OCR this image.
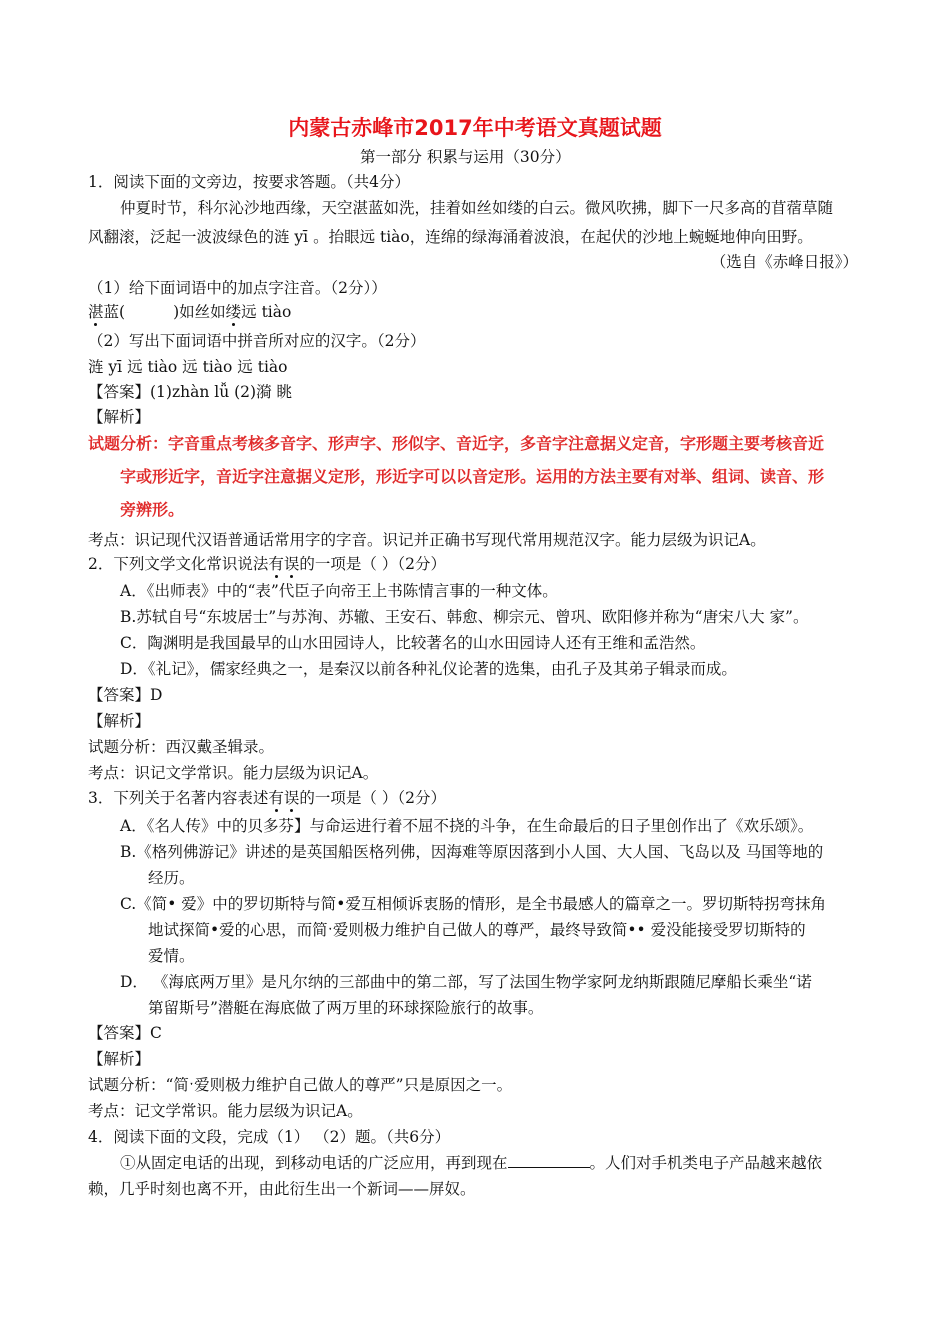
内蒙古赤峰市2017年中考语文真题试题
第一部分 积累与运用（30分）
1．阅读下面的文旁边，按要求答题。（共4分）
仲夏时节，科尔沁沙地西缘，天空湛蓝如洗，挂着如丝如缕的白云。微风吹拂，脚下一尺多高的苜蓿草随
风翻滚，泛起一波波绿色的涟 yī 。抬眼远 tiào，连绵的绿海涌着波浪，在起伏的沙地上蜿蜒地伸向田野。
（选自《赤峰日报》）
（1）给下面词语中的加点字注音。（2分））
湛蓝(	)如丝如缕远 tiào
（2）写出下面词语中拼音所对应的汉字。（2分）
涟 yī 远 tiào 远 tiào 远 tiào
【答案】(1)zhàn lǚ (2)漪 眺
【解析】
试题分析：字音重点考核多音字、形声字、形似字、音近字，多音字注意据义定音，字形题主要考核音近
字或形近字，音近字注意据义定形，形近字可以以音定形。运用的方法主要有对举、组词、读音、形
旁辨形。
考点：识记现代汉语普通话常用字的字音。识记并正确书写现代常用规范汉字。能力层级为识记A。
2．下列文学文化常识说法有误的一项是（ ）（2分）
A．《出师表》中的“表”代臣子向帝王上书陈情言事的一种文体。
B.苏轼自号“东坡居士”与苏洵、苏辙、王安石、韩愈、柳宗元、曾巩、欧阳修并称为“唐宋八大 家”。
C．陶渊明是我国最早的山水田园诗人，比较著名的山水田园诗人还有王维和孟浩然。
D．《礼记》，儒家经典之一，是秦汉以前各种礼仪论著的选集，由孔子及其弟子辑录而成。
【答案】D
【解析】
试题分析：西汉戴圣辑录。
考点：识记文学常识。能力层级为识记A。
3．下列关于名著内容表述有误的一项是（ ）（2分）
A．《名人传》中的贝多芬】与命运进行着不屈不挠的斗争，在生命最后的日子里创作出了《欢乐颂》。
B.《格列佛游记》讲述的是英国船医格列佛，因海难等原因落到小人国、大人国、飞岛以及 马国等地的
经历。
C.《简• 爱》中的罗切斯特与简•爱互相倾诉衷肠的情形，是全书最感人的篇章之一。罗切斯特拐弯抹角
地试探简•爱的心思，而简ˑ爱则极力维护自己做人的尊严，最终导致简•• 爱没能接受罗切斯特的
爱情。
D． 《海底两万里》是凡尔纳的三部曲中的第二部，写了法国生物学家阿龙纳斯跟随尼摩船长乘坐“诺
第留斯号”潜艇在海底做了两万里的环球探险旅行的故事。
【答案】C
【解析】
试题分析：“简ˑ爱则极力维护自己做人的尊严”只是原因之一。
考点：记文学常识。能力层级为识记A。
4．阅读下面的文段，完成（1） （2）题。（共6分）
①从固定电话的出现，到移动电话的广泛应用，再到现在	。人们对手机类电子产品越来越依
赖，几乎时刻也离不开，由此衍生出一个新词——屏奴。
